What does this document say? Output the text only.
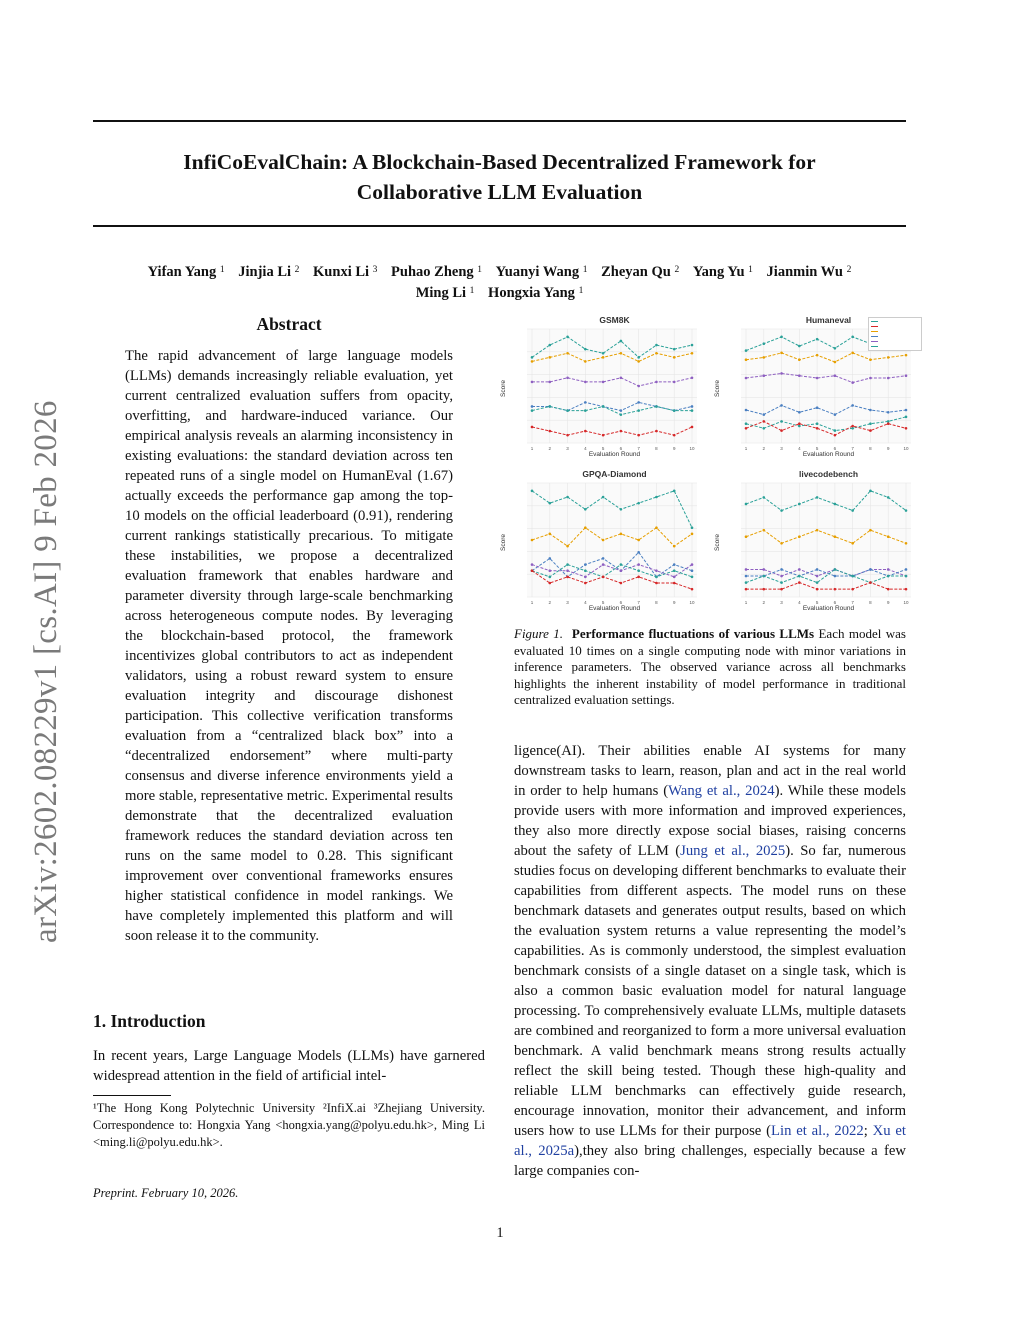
InfiCoEvalChain: A Blockchain-Based Decentralized Framework for Collaborative LLM Evaluation
Yifan Yang $^1$ Jinjia Li $^2$ Kunxi Li $^3$ Puhao Zheng $^1$ Yuanyi Wang $^1$ Zheyan Qu $^2$ Yang Yu $^1$ Jianmin Wu $^2$
Ming Li $^1$ Hongxia Yang $^1$
arXiv:2602.08229v1 [cs.AI] 9 Feb 2026
Abstract
The rapid advancement of large language models (LLMs) demands increasingly reliable evaluation, yet current centralized evaluation suffers from opacity, overfitting, and hardware-induced variance. Our empirical analysis reveals an alarming inconsistency in existing evaluations: the standard deviation across ten repeated runs of a single model on HumanEval (1.67) actually exceeds the performance gap among the top-10 models on the official leaderboard (0.91), rendering current rankings statistically precarious. To mitigate these instabilities, we propose a decentralized evaluation framework that enables hardware and parameter diversity through large-scale benchmarking across heterogeneous compute nodes. By leveraging the blockchain-based protocol, the framework incentivizes global contributors to act as independent validators, using a robust reward system to ensure evaluation integrity and discourage dishonest participation. This collective verification transforms evaluation from a “centralized black box” into a “decentralized endorsement” where multi-party consensus and diverse inference environments yield a more stable, representative metric. Experimental results demonstrate that the decentralized evaluation framework reduces the standard deviation across ten runs on the same model to 0.28. This significant improvement over conventional frameworks ensures higher statistical confidence in model rankings. We have completely implemented this platform and will soon release it to the community.
1. Introduction
In recent years, Large Language Models (LLMs) have garnered widespread attention in the field of artificial intel-
¹The Hong Kong Polytechnic University ²InfiX.ai ³Zhejiang University. Correspondence to: Hongxia Yang <hongxia.yang@polyu.edu.hk>, Ming Li <ming.li@polyu.edu.hk>.
Preprint. February 10, 2026.
1
1	2	3	4	5	6	7	8	9	10
GSM8K
Evaluation Round
Score
1	2	3	4	5	6	7	8	9	10
Humaneval
Evaluation Round
Score
1	2	3	4	5	6	7	8	9	10
GPQA-Diamond
Evaluation Round
Score
1	2	3	4	5	6	7	8	9	10
livecodebench
Evaluation Round
Score
Figure 1. Performance fluctuations of various LLMs Each model was evaluated 10 times on a single computing node with minor variations in inference parameters. The observed variance across all benchmarks highlights the inherent instability of model performance in traditional centralized evaluation settings.
ligence(AI). Their abilities enable AI systems for many downstream tasks to learn, reason, plan and act in the real world in order to help humans (Wang et al., 2024). While these models provide users with more information and improved experiences, they also more directly expose social biases, raising concerns about the safety of LLM (Jung et al., 2025). So far, numerous studies focus on developing different benchmarks to evaluate their capabilities from different aspects. The model runs on these benchmark datasets and generates output results, based on which the evaluation system returns a value representing the model’s capabilities. As is commonly understood, the simplest evaluation benchmark consists of a single dataset on a single task, which is also a common basic evaluation model for natural language processing. To comprehensively evaluate LLMs, multiple datasets are combined and reorganized to form a more universal evaluation benchmark. A valid benchmark means strong results actually reflect the skill being tested. Though these high-quality and reliable LLM benchmarks can effectively guide research, encourage innovation, monitor their advancement, and inform users how to use LLMs for their purpose (Lin et al., 2022; Xu et al., 2025a),they also bring challenges, especially because a few large companies con-
